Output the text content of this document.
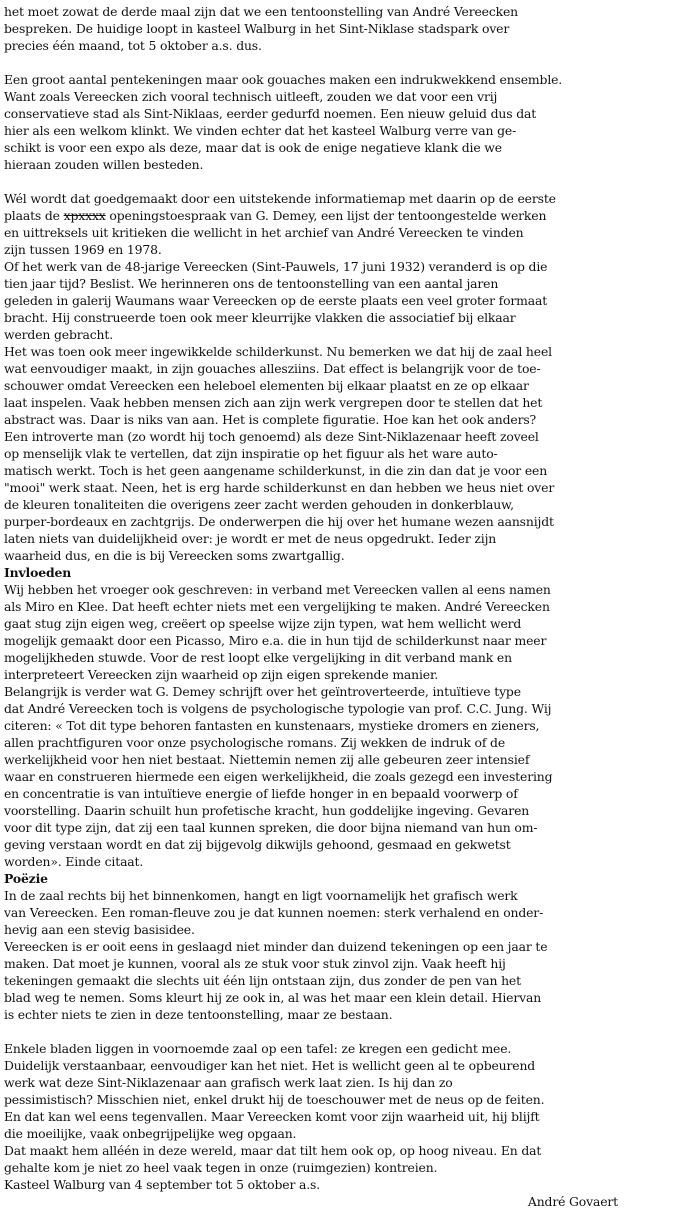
het moet zowat de derde maal zijn dat we een tentoonstelling van André Vereecken
bespreken. De huidige loopt in kasteel Walburg in het Sint-Niklase stadspark over
precies één maand, tot 5 oktober a.s. dus.
Een groot aantal pentekeningen maar ook gouaches maken een indrukwekkend ensemble.
Want zoals Vereecken zich vooral technisch uitleeft, zouden we dat voor een vrij
conservatieve stad als Sint-Niklaas, eerder gedurfd noemen. Een nieuw geluid dus dat
hier als een welkom klinkt. We vinden echter dat het kasteel Walburg verre van ge-
schikt is voor een expo als deze, maar dat is ook de enige negatieve klank die we
hieraan zouden willen besteden.
Wél wordt dat goedgemaakt door een uitstekende informatiemap met daarin op de eerste
plaats de xpxxxx openingstoespraak van G. Demey, een lijst der tentoongestelde werken
en uittreksels uit kritieken die wellicht in het archief van André Vereecken te vinden
zijn tussen 1969 en 1978.
Of het werk van de 48-jarige Vereecken (Sint-Pauwels, 17 juni 1932) veranderd is op die
tien jaar tijd? Beslist. We herinneren ons de tentoonstelling van een aantal jaren
geleden in galerij Waumans waar Vereecken op de eerste plaats een veel groter formaat
bracht. Hij construeerde toen ook meer kleurrijke vlakken die associatief bij elkaar
werden gebracht.
Het was toen ook meer ingewikkelde schilderkunst. Nu bemerken we dat hij de zaal heel
wat eenvoudiger maakt, in zijn gouaches allesziins. Dat effect is belangrijk voor de toe-
schouwer omdat Vereecken een heleboel elementen bij elkaar plaatst en ze op elkaar
laat inspelen. Vaak hebben mensen zich aan zijn werk vergrepen door te stellen dat het
abstract was. Daar is niks van aan. Het is complete figuratie. Hoe kan het ook anders?
Een introverte man (zo wordt hij toch genoemd) als deze Sint-Niklazenaar heeft zoveel
op menselijk vlak te vertellen, dat zijn inspiratie op het figuur als het ware auto-
matisch werkt. Toch is het geen aangename schilderkunst, in die zin dan dat je voor een
"mooi" werk staat. Neen, het is erg harde schilderkunst en dan hebben we heus niet over
de kleuren tonaliteiten die overigens zeer zacht werden gehouden in donkerblauw,
purper-bordeaux en zachtgrijs. De onderwerpen die hij over het humane wezen aansnijdt
laten niets van duidelijkheid over: je wordt er met de neus opgedrukt. Ieder zijn
waarheid dus, en die is bij Vereecken soms zwartgallig.
Invloeden
Wij hebben het vroeger ook geschreven: in verband met Vereecken vallen al eens namen
als Miro en Klee. Dat heeft echter niets met een vergelijking te maken. André Vereecken
gaat stug zijn eigen weg, creëert op speelse wijze zijn typen, wat hem wellicht werd
mogelijk gemaakt door een Picasso, Miro e.a. die in hun tijd de schilderkunst naar meer
mogelijkheden stuwde. Voor de rest loopt elke vergelijking in dit verband mank en
interpreteert Vereecken zijn waarheid op zijn eigen sprekende manier.
Belangrijk is verder wat G. Demey schrijft over het geïntroverteerde, intuïtieve type
dat André Vereecken toch is volgens de psychologische typologie van prof. C.C. Jung. Wij
citeren: « Tot dit type behoren fantasten en kunstenaars, mystieke dromers en zieners,
allen prachtfiguren voor onze psychologische romans. Zij wekken de indruk of de
werkelijkheid voor hen niet bestaat. Niettemin nemen zij alle gebeuren zeer intensief
waar en construeren hiermede een eigen werkelijkheid, die zoals gezegd een investering
en concentratie is van intuïtieve energie of liefde honger in en bepaald voorwerp of
voorstelling. Daarin schuilt hun profetische kracht, hun goddelijke ingeving. Gevaren
voor dit type zijn, dat zij een taal kunnen spreken, die door bijna niemand van hun om-
geving verstaan wordt en dat zij bijgevolg dikwijls gehoond, gesmaad en gekwetst
worden». Einde citaat.
Poëzie
In de zaal rechts bij het binnenkomen, hangt en ligt voornamelijk het grafisch werk
van Vereecken. Een roman-fleuve zou je dat kunnen noemen: sterk verhalend en onder-
hevig aan een stevig basisidee.
Vereecken is er ooit eens in geslaagd niet minder dan duizend tekeningen op een jaar te
maken. Dat moet je kunnen, vooral als ze stuk voor stuk zinvol zijn. Vaak heeft hij
tekeningen gemaakt die slechts uit één lijn ontstaan zijn, dus zonder de pen van het
blad weg te nemen. Soms kleurt hij ze ook in, al was het maar een klein detail. Hiervan
is echter niets te zien in deze tentoonstelling, maar ze bestaan.
Enkele bladen liggen in voornoemde zaal op een tafel: ze kregen een gedicht mee.
Duidelijk verstaanbaar, eenvoudiger kan het niet. Het is wellicht geen al te opbeurend
werk wat deze Sint-Niklazenaar aan grafisch werk laat zien. Is hij dan zo
pessimistisch? Misschien niet, enkel drukt hij de toeschouwer met de neus op de feiten.
En dat kan wel eens tegenvallen. Maar Vereecken komt voor zijn waarheid uit, hij blijft
die moeilijke, vaak onbegrijpelijke weg opgaan.
Dat maakt hem alléén in deze wereld, maar dat tilt hem ook op, op hoog niveau. En dat
gehalte kom je niet zo heel vaak tegen in onze (ruimgezien) kontreien.
Kasteel Walburg van 4 september tot 5 oktober a.s.
André Govaert
